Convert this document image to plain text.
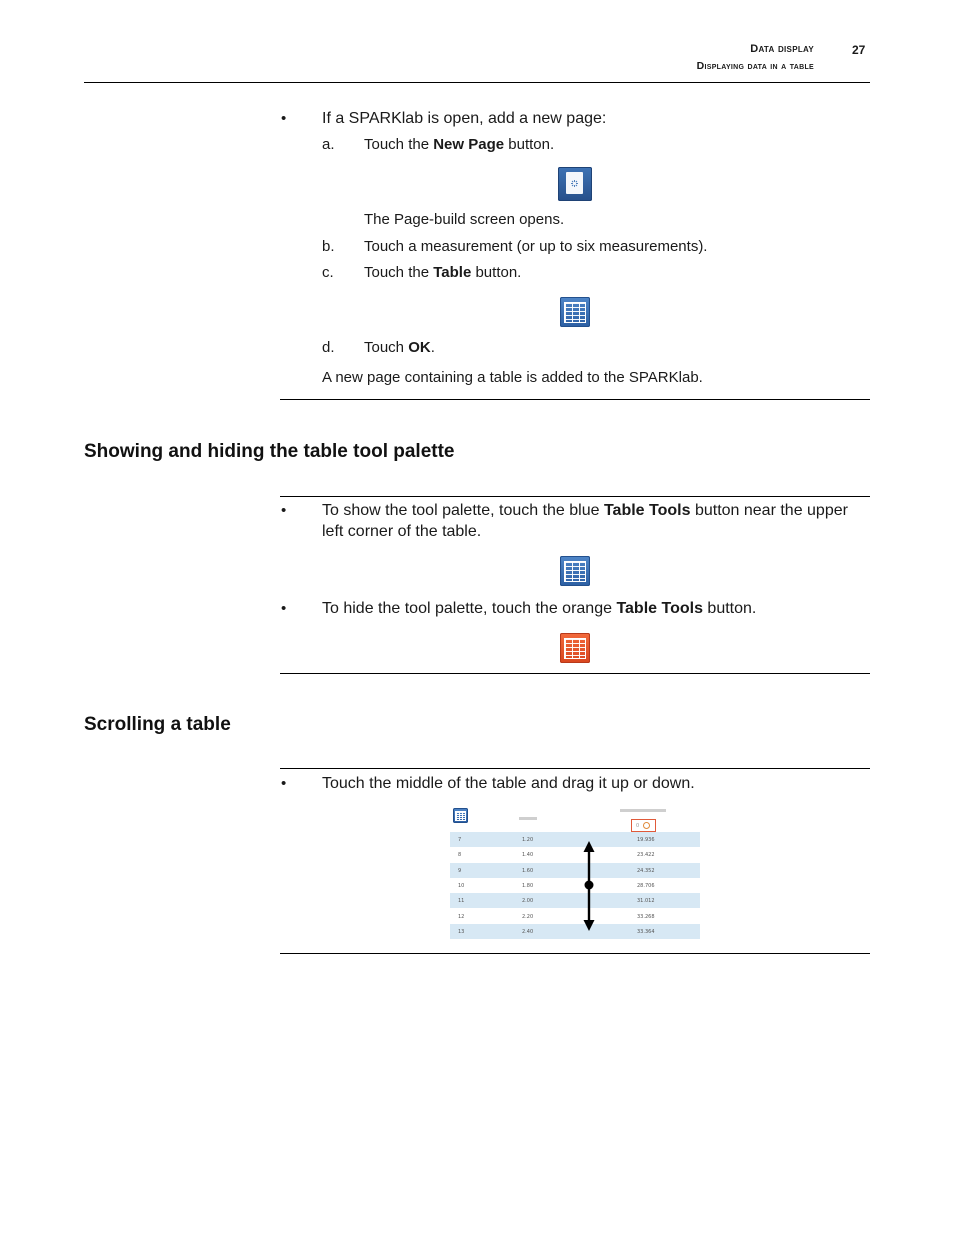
Data display	27
Displaying data in a table
• If a SPARKlab is open, add a new page:
a. Touch the New Page button.
The Page-build screen opens.
b. Touch a measurement (or up to six measurements).
c. Touch the Table button.
d. Touch OK.
A new page containing a table is added to the SPARKlab.
Showing and hiding the table tool palette
• To show the tool palette, touch the blue Table Tools button near the upper left corner of the table.
• To hide the tool palette, touch the orange Table Tools button.
Scrolling a table
• Touch the middle of the table and drag it up or down.
0
7	1.20	19.936
8	1.40	23.422
9	1.60	24.352
10	1.80	28.706
11	2.00	31.012
12	2.20	33.268
13	2.40	33.364
